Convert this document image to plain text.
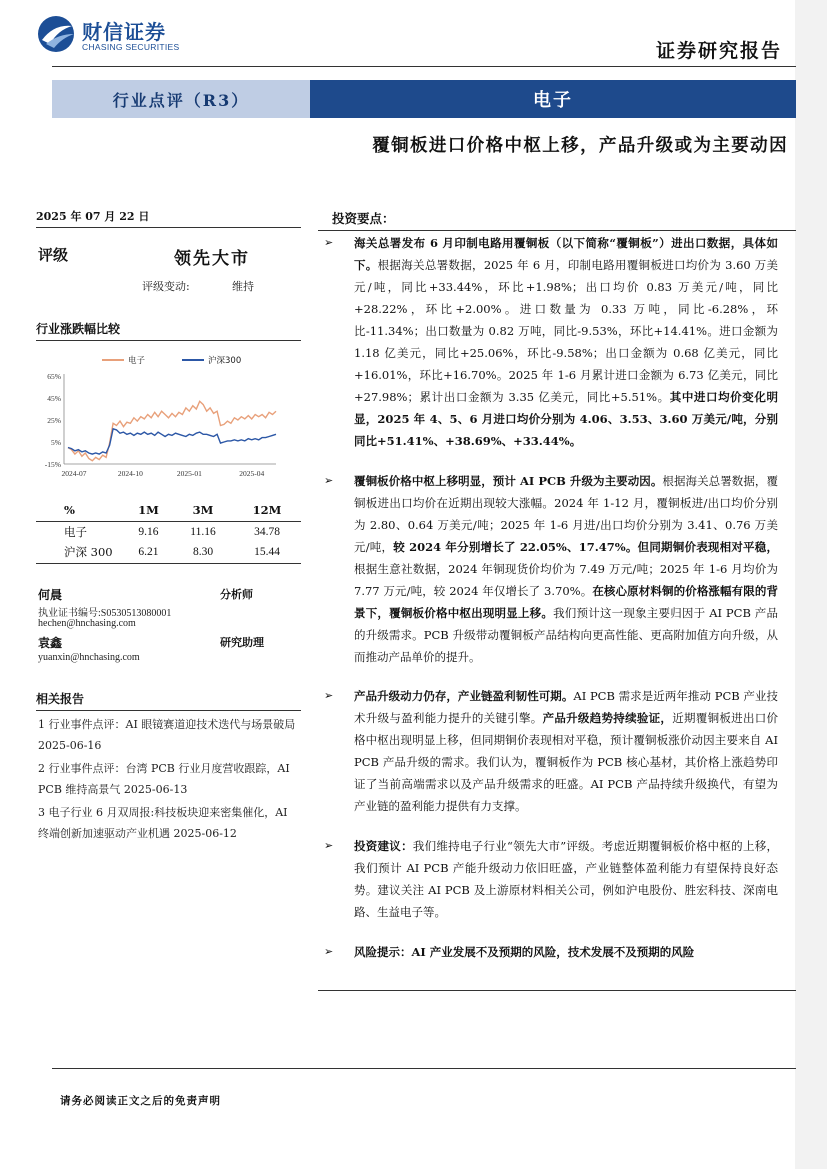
财信证券
CHASING SECURITIES	证券研究报告
行业点评（R3）	电子
覆铜板进口价格中枢上移，产品升级或为主要动因
2025 年 07 月 22 日
评级	领先大市
评级变动:	维持
行业涨跌幅比较
电子	沪深300
65%
45%
25%
5%
-15%
2024-07	2024-10	2025-01	2025-04
%	1M	3M	12M
电子	9.16	11.16	34.78
沪深 300	6.21	8.30	15.44
何晨	分析师
执业证书编号:S0530513080001
hechen@hnchasing.com
袁鑫	研究助理
yuanxin@hnchasing.com
相关报告
1 行业事件点评：AI 眼镜赛道迎技术迭代与场景破局 2025-06-16
2 行业事件点评：台湾 PCB 行业月度营收跟踪，AI PCB 维持高景气 2025-06-13
3 电子行业 6 月双周报:科技板块迎来密集催化，AI 终端创新加速驱动产业机遇 2025-06-12
投资要点：
➢ 海关总署发布 6 月印制电路用覆铜板（以下简称“覆铜板”）进出口数据，具体如下。根据海关总署数据，2025 年 6 月，印制电路用覆铜板进口均价为 3.60 万美元/吨，同比+33.44%，环比+1.98%；出口均价 0.83 万美元/吨，同比+28.22%，环比+2.00%。进口数量为 0.33 万吨，同比-6.28%，环比-11.34%；出口数量为 0.82 万吨，同比-9.53%，环比+14.41%。进口金额为 1.18 亿美元，同比+25.06%，环比-9.58%；出口金额为 0.68 亿美元，同比+16.01%，环比+16.70%。2025 年 1-6 月累计进口金额为 6.73 亿美元，同比+27.98%；累计出口金额为 3.35 亿美元，同比+5.51%。其中进口均价变化明显，2025 年 4、5、6 月进口均价分别为 4.06、3.53、3.60 万美元/吨，分别同比+51.41%、+38.69%、+33.44%。
➢ 覆铜板价格中枢上移明显，预计 AI PCB 升级为主要动因。根据海关总署数据，覆铜板进出口均价在近期出现较大涨幅。2024 年 1-12 月，覆铜板进/出口均价分别为 2.80、0.64 万美元/吨；2025 年 1-6 月进/出口均价分别为 3.41、0.76 万美元/吨，较 2024 年分别增长了 22.05%、17.47%。但同期铜价表现相对平稳，根据生意社数据，2024 年铜现货价均价为 7.49 万元/吨；2025 年 1-6 月均价为 7.77 万元/吨，较 2024 年仅增长了 3.70%。在核心原材料铜的价格涨幅有限的背景下，覆铜板价格中枢出现明显上移。我们预计这一现象主要归因于 AI PCB 产品的升级需求。PCB 升级带动覆铜板产品结构向更高性能、更高附加值方向升级，从而推动产品单价的提升。
➢ 产品升级动力仍存，产业链盈利韧性可期。AI PCB 需求是近两年推动 PCB 产业技术升级与盈利能力提升的关键引擎。产品升级趋势持续验证，近期覆铜板进出口价格中枢出现明显上移，但同期铜价表现相对平稳，预计覆铜板涨价动因主要来自 AI PCB 产品升级的需求。我们认为，覆铜板作为 PCB 核心基材，其价格上涨趋势印证了当前高端需求以及产品升级需求的旺盛。AI PCB 产品持续升级换代，有望为产业链的盈利能力提供有力支撑。
➢ 投资建议：我们维持电子行业“领先大市”评级。考虑近期覆铜板价格中枢的上移，我们预计 AI PCB 产能升级动力依旧旺盛，产业链整体盈利能力有望保持良好态势。建议关注 AI PCB 及上游原材料相关公司，例如沪电股份、胜宏科技、深南电路、生益电子等。
➢ 风险提示：AI 产业发展不及预期的风险，技术发展不及预期的风险
请务必阅读正文之后的免责声明
